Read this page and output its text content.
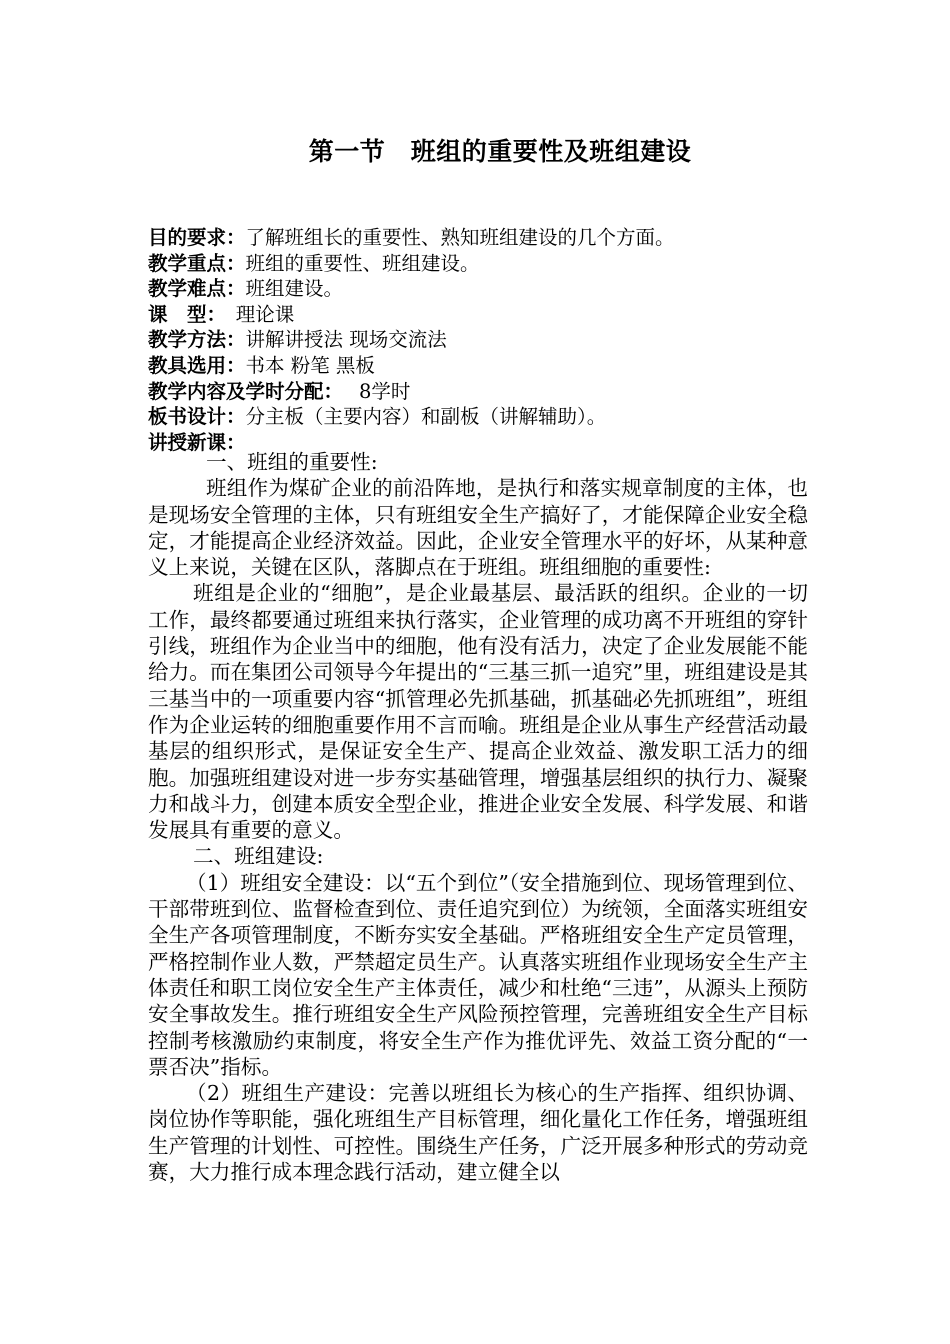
第一节　班组的重要性及班组建设
目的要求：了解班组长的重要性、熟知班组建设的几个方面。
教学重点：班组的重要性、班组建设。
教学难点：班组建设。
课　型：　理论课
教学方法：讲解讲授法 现场交流法
教具选用：书本 粉笔 黑板
教学内容及学时分配：　 8学时
板书设计：分主板（主要内容）和副板（讲解辅助）。
讲授新课：

一、班组的重要性:

班组作为煤矿企业的前沿阵地，是执行和落实规章制度的主体，也是现场安全管理的主体，只有班组安全生产搞好了，才能保障企业安全稳定，才能提高企业经济效益。因此，企业安全管理水平的好坏，从某种意义上来说，关键在区队，落脚点在于班组。班组细胞的重要性:

班组是企业的“细胞”，是企业最基层、最活跃的组织。企业的一切工作，最终都要通过班组来执行落实，企业管理的成功离不开班组的穿针引线，班组作为企业当中的细胞，他有没有活力，决定了企业发展能不能给力。而在集团公司领导今年提出的“三基三抓一追究”里，班组建设是其三基当中的一项重要内容“抓管理必先抓基础，抓基础必先抓班组”，班组作为企业运转的细胞重要作用不言而喻。班组是企业从事生产经营活动最基层的组织形式，是保证安全生产、提高企业效益、激发职工活力的细胞。加强班组建设对进一步夯实基础管理，增强基层组织的执行力、凝聚力和战斗力，创建本质安全型企业，推进企业安全发展、科学发展、和谐发展具有重要的意义。

二、班组建设:

（1）班组安全建设：以“五个到位”（安全措施到位、现场管理到位、干部带班到位、监督检查到位、责任追究到位）为统领，全面落实班组安全生产各项管理制度，不断夯实安全基础。严格班组安全生产定员管理，严格控制作业人数，严禁超定员生产。认真落实班组作业现场安全生产主体责任和职工岗位安全生产主体责任，减少和杜绝“三违”，从源头上预防安全事故发生。推行班组安全生产风险预控管理，完善班组安全生产目标控制考核激励约束制度，将安全生产作为推优评先、效益工资分配的“一票否决”指标。

（2）班组生产建设：完善以班组长为核心的生产指挥、组织协调、岗位协作等职能，强化班组生产目标管理，细化量化工作任务，增强班组生产管理的计划性、可控性。围绕生产任务，广泛开展多种形式的劳动竞赛，大力推行成本理念践行活动，建立健全以
